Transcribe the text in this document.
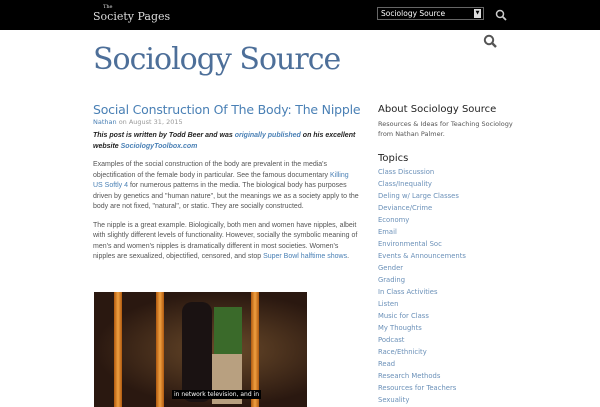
The
Society Pages	Sociology Source	▼
Sociology Source
Social Construction Of The Body: The Nipple
Nathan on August 31, 2015
This post is written by Todd Beer and was originally published on his excellent website SociologyToolbox.com
Examples of the social construction of the body are prevalent in the media's objectification of the female body in particular. See the famous documentary Killing US Softly 4 for numerous patterns in the media. The biological body has purposes driven by genetics and "human nature", but the meanings we as a society apply to the body are not fixed, "natural", or static. They are socially constructed.
The nipple is a great example. Biologically, both men and women have nipples, albeit with slightly different levels of functionality. However, socially the symbolic meaning of men's and women's nipples is dramatically different in most societies. Women's nipples are sexualized, objectified, censored, and stop Super Bowl halftime shows.
in network television, and in
About Sociology Source
Resources & Ideas for Teaching Sociology from Nathan Palmer.
Topics
Class Discussion
Class/Inequality
Deling w/ Large Classes
Deviance/Crime
Economy
Email
Environmental Soc
Events & Announcements
Gender
Grading
In Class Activities
Listen
Music for Class
My Thoughts
Podcast
Race/Ethnicity
Read
Research Methods
Resources for Teachers
Sexuality
